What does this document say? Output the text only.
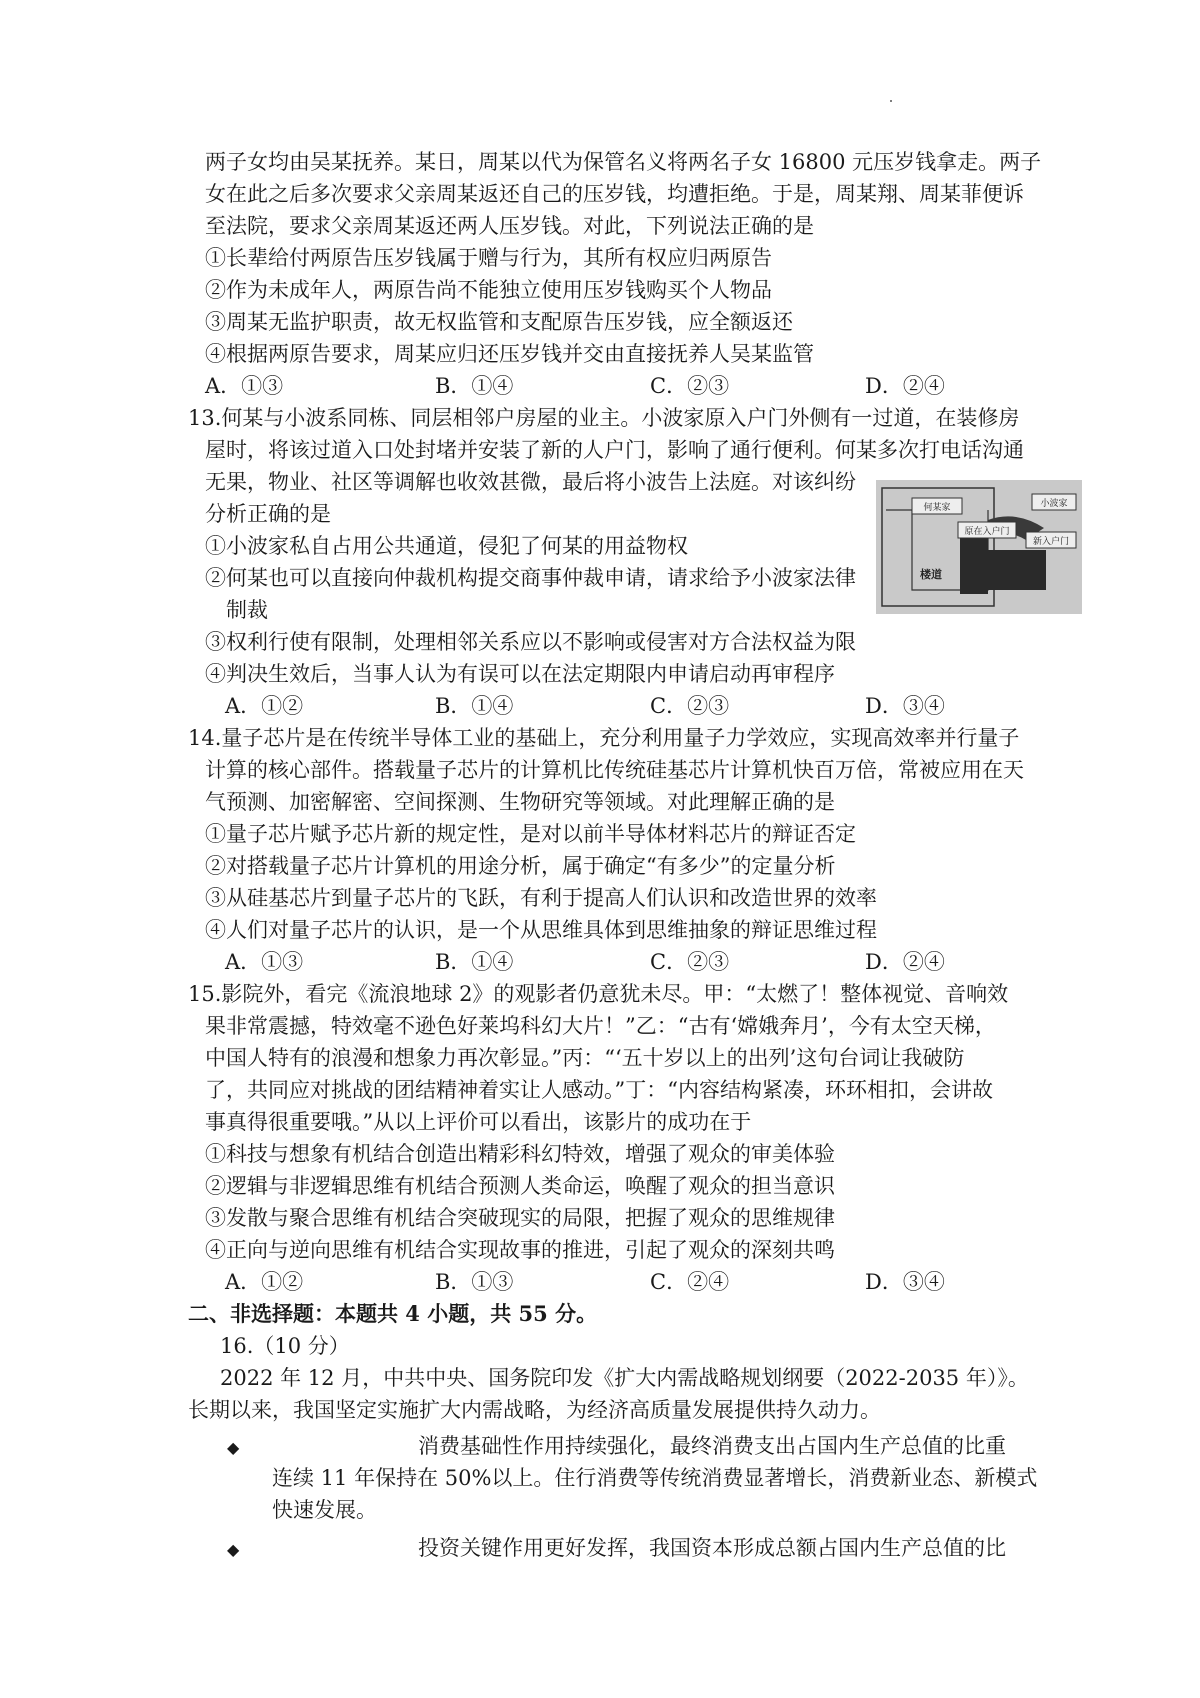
两子女均由吴某抚养。某日，周某以代为保管名义将两名子女 16800 元压岁钱拿走。两子
女在此之后多次要求父亲周某返还自己的压岁钱，均遭拒绝。于是，周某翔、周某菲便诉
至法院，要求父亲周某返还两人压岁钱。对此，下列说法正确的是
①长辈给付两原告压岁钱属于赠与行为，其所有权应归两原告
②作为未成年人，两原告尚不能独立使用压岁钱购买个人物品
③周某无监护职责，故无权监管和支配原告压岁钱，应全额返还
④根据两原告要求，周某应归还压岁钱并交由直接抚养人吴某监管
A．①③	B．①④	C．②③	D．②④
13.何某与小波系同栋、同层相邻户房屋的业主。小波家原入户门外侧有一过道，在装修房
屋时，将该过道入口处封堵并安装了新的人户门，影响了通行便利。何某多次打电话沟通
无果，物业、社区等调解也收效甚微，最后将小波告上法庭。对该纠纷
分析正确的是
①小波家私自占用公共通道，侵犯了何某的用益物权
②何某也可以直接向仲裁机构提交商事仲裁申请，请求给予小波家法律
制裁
③权利行使有限制，处理相邻关系应以不影响或侵害对方合法权益为限
④判决生效后，当事人认为有误可以在法定期限内申请启动再审程序
A．①②	B．①④	C．②③	D．③④
何某家	小波家
原在入户门
新入户门
楼道
14.量子芯片是在传统半导体工业的基础上，充分利用量子力学效应，实现高效率并行量子
计算的核心部件。搭载量子芯片的计算机比传统硅基芯片计算机快百万倍，常被应用在天
气预测、加密解密、空间探测、生物研究等领域。对此理解正确的是
①量子芯片赋予芯片新的规定性，是对以前半导体材料芯片的辩证否定
②对搭载量子芯片计算机的用途分析，属于确定“有多少”的定量分析
③从硅基芯片到量子芯片的飞跃，有利于提高人们认识和改造世界的效率
④人们对量子芯片的认识，是一个从思维具体到思维抽象的辩证思维过程
A．①③	B．①④	C．②③	D．②④
15.影院外，看完《流浪地球 2》的观影者仍意犹未尽。甲：“太燃了！整体视觉、音响效
果非常震撼，特效毫不逊色好莱坞科幻大片！”乙：“古有‘嫦娥奔月’，今有太空天梯，
中国人特有的浪漫和想象力再次彰显。”丙：“‘五十岁以上的出列’这句台词让我破防
了，共同应对挑战的团结精神着实让人感动。”丁：“内容结构紧凑，环环相扣，会讲故
事真得很重要哦。”从以上评价可以看出，该影片的成功在于
①科技与想象有机结合创造出精彩科幻特效，增强了观众的审美体验
②逻辑与非逻辑思维有机结合预测人类命运，唤醒了观众的担当意识
③发散与聚合思维有机结合突破现实的局限，把握了观众的思维规律
④正向与逆向思维有机结合实现故事的推进，引起了观众的深刻共鸣
A．①②	B．①③	C．②④	D．③④
二、非选择题：本题共 4 小题，共 55 分。
16.（10 分）
2022 年 12 月，中共中央、国务院印发《扩大内需战略规划纲要（2022-2035 年）》。
长期以来，我国坚定实施扩大内需战略，为经济高质量发展提供持久动力。
◆	消费基础性作用持续强化，最终消费支出占国内生产总值的比重
连续 11 年保持在 50%以上。住行消费等传统消费显著增长，消费新业态、新模式
快速发展。
◆	投资关键作用更好发挥，我国资本形成总额占国内生产总值的比
